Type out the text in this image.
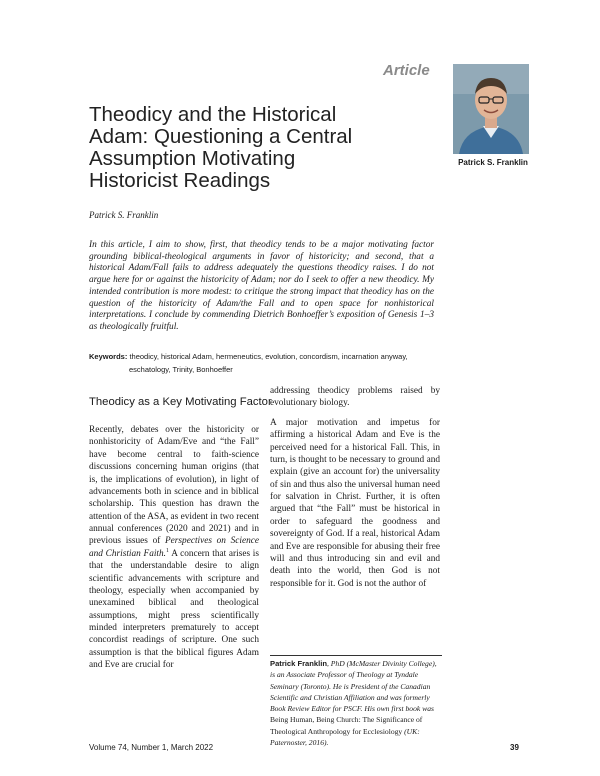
Article
Patrick S. Franklin
Theodicy and the Historical
Adam: Questioning a Central
Assumption Motivating
Historicist Readings
Patrick S. Franklin
In this article, I aim to show, first, that theodicy tends to be a major motivating factor grounding biblical-theological arguments in favor of historicity; and second, that a historical Adam/Fall fails to address adequately the questions theodicy raises. I do not argue here for or against the historicity of Adam; nor do I seek to offer a new theodicy. My intended contribution is more modest: to critique the strong impact that theodicy has on the question of the historicity of Adam/the Fall and to open space for nonhistorical interpretations. I conclude by commending Dietrich Bonhoeffer’s exposition of Genesis 1–3 as theologically fruitful.
Keywords: theodicy, historical Adam, hermeneutics, evolution, concordism, incarnation anyway,
eschatology, Trinity, Bonhoeffer
Theodicy as a Key Motivating Factor

Recently, debates over the historicity or nonhistoricity of Adam/Eve and “the Fall” have become central to faith-science discussions concerning human origins (that is, the implications of evolution), in light of advancements both in science and in biblical scholarship. This question has drawn the attention of the ASA, as evident in two recent annual conferences (2020 and 2021) and in previous issues of Perspectives on Science and Christian Faith.$^1$ A concern that arises is that the understandable desire to align scientific advancements with scripture and theology, especially when accompanied by unexamined biblical and theological assumptions, might press scientifically minded interpreters prematurely to accept concordist readings of scripture. One such assumption is that the biblical figures Adam and Eve are crucial for

addressing theodicy problems raised by evolutionary biology.

A major motivation and impetus for affirming a historical Adam and Eve is the perceived need for a historical Fall. This, in turn, is thought to be necessary to ground and explain (give an account for) the universality of sin and thus also the universal human need for salvation in Christ. Further, it is often argued that “the Fall” must be historical in order to safeguard the goodness and sovereignty of God. If a real, historical Adam and Eve are responsible for abusing their free will and thus introducing sin and evil and death into the world, then God is not responsible for it. God is not the author of

Patrick Franklin, PhD (McMaster Divinity College), is an Associate Professor of Theology at Tyndale Seminary (Toronto). He is President of the Canadian Scientific and Christian Affiliation and was formerly Book Review Editor for PSCF. His own first book was Being Human, Being Church: The Significance of Theological Anthropology for Ecclesiology (UK: Paternoster, 2016).
Volume 74, Number 1, March 2022	39
